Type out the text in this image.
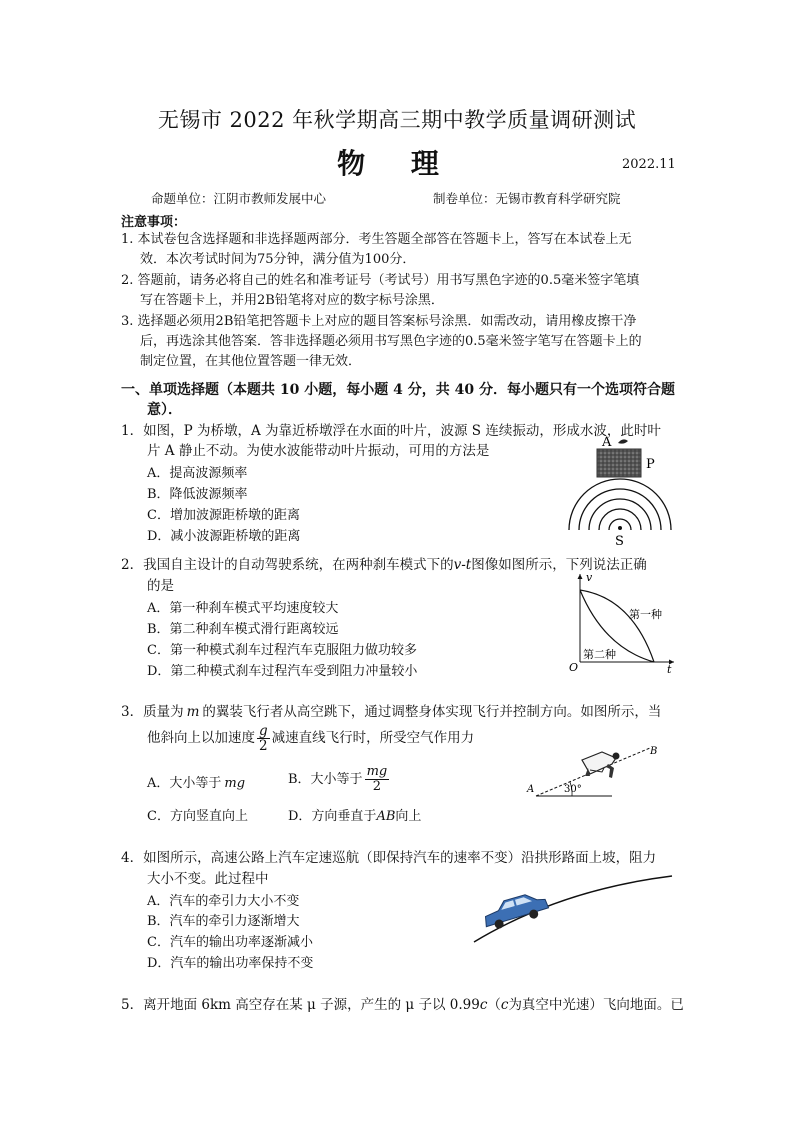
无锡市 2022 年秋学期高三期中教学质量调研测试
物 理	2022.11
命题单位：江阴市教师发展中心	制卷单位：无锡市教育科学研究院
注意事项：
1. 本试卷包含选择题和非选择题两部分．考生答题全部答在答题卡上，答写在本试卷上无
效．本次考试时间为75分钟，满分值为100分．
2. 答题前，请务必将自己的姓名和准考证号（考试号）用书写黑色字迹的0.5毫米签字笔填
写在答题卡上，并用2B铅笔将对应的数字标号涂黑．
3. 选择题必须用2B铅笔把答题卡上对应的题目答案标号涂黑．如需改动，请用橡皮擦干净
后，再选涂其他答案．答非选择题必须用书写黑色字迹的0.5毫米签字笔写在答题卡上的
制定位置，在其他位置答题一律无效．
一、单项选择题（本题共 10 小题，每小题 4 分，共 40 分．每小题只有一个选项符合题
意）．
1．如图，P 为桥墩，A 为靠近桥墩浮在水面的叶片，波源 S 连续振动，形成水波，此时叶
片 A 静止不动。为使水波能带动叶片振动，可用的方法是
A．提高波源频率
B．降低波源频率
C．增加波源距桥墩的距离
D．减小波源距桥墩的距离
A
P
S
2．我国自主设计的自动驾驶系统，在两种刹车模式下的v-t图像如图所示，下列说法正确
的是
A．第一种刹车模式平均速度较大
B．第二种刹车模式滑行距离较远
C．第一种模式刹车过程汽车克服阻力做功较多
D．第二种模式刹车过程汽车受到阻力冲量较小
v
t
O
第一种
第二种
3．质量为 m 的翼装飞行者从高空跳下，通过调整身体实现飞行并控制方向。如图所示，当
他斜向上以加速度 $\frac{g}{2}$ 减速直线飞行时，所受空气作用力
A．大小等于 mg	B．大小等于 $\frac{mg}{2}$
C．方向竖直向上	D．方向垂直于AB向上
A
B
30°
4．如图所示，高速公路上汽车定速巡航（即保持汽车的速率不变）沿拱形路面上坡，阻力
大小不变。此过程中
A．汽车的牵引力大小不变
B．汽车的牵引力逐渐增大
C．汽车的输出功率逐渐减小
D．汽车的输出功率保持不变
5．离开地面 6km 高空存在某 μ 子源，产生的 μ 子以 0.99c（c为真空中光速）飞向地面。已
